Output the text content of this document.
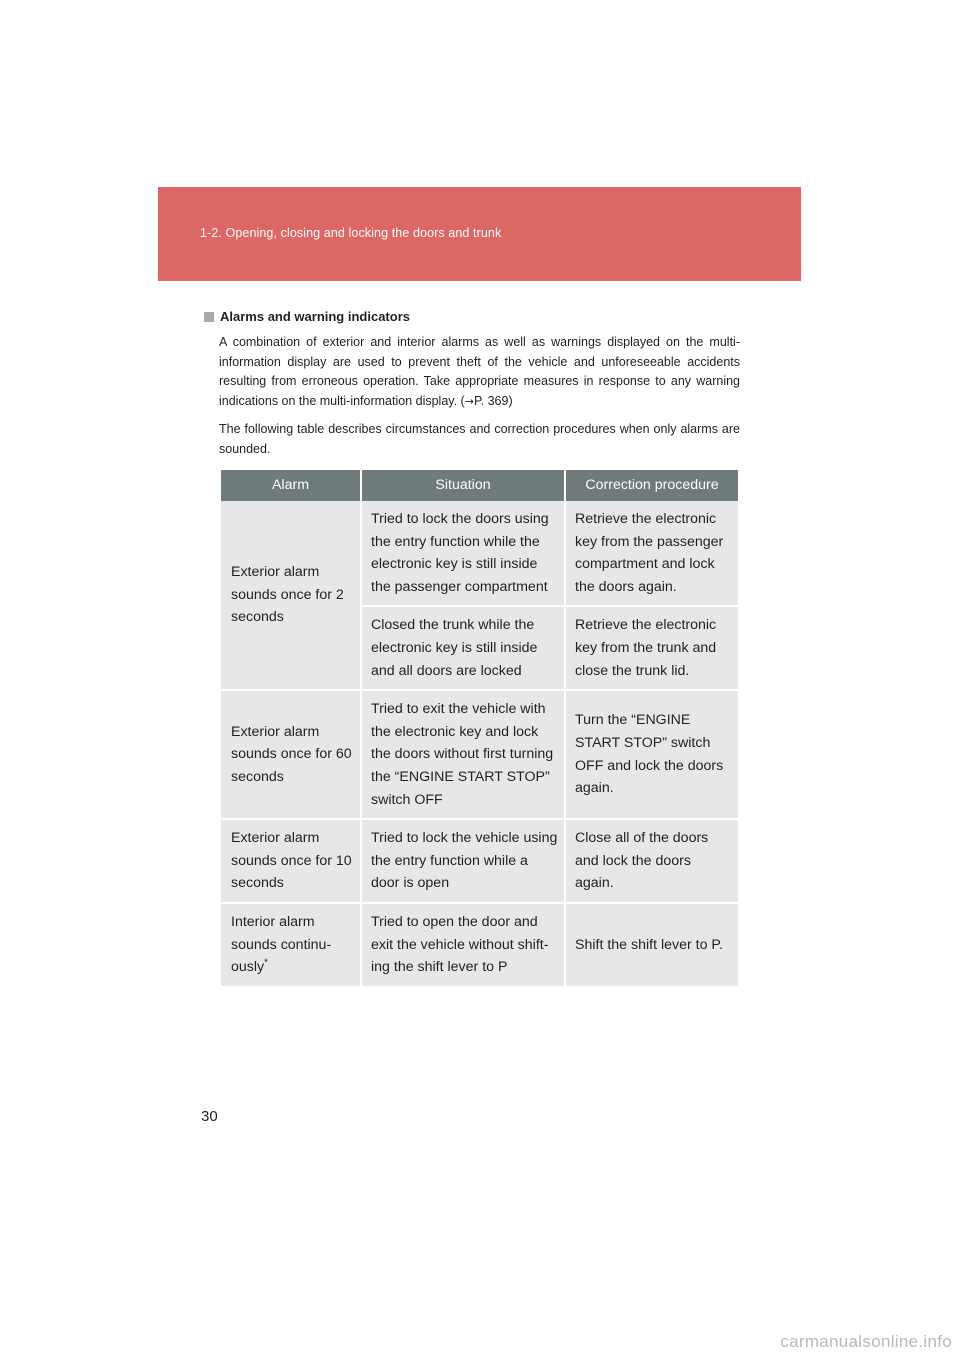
1-2. Opening, closing and locking the doors and trunk
Alarms and warning indicators

A combination of exterior and interior alarms as well as warnings displayed on the multi-information display are used to prevent theft of the vehicle and unforeseeable accidents resulting from erroneous operation. Take appropriate measures in response to any warning indications on the multi-information display. (→P. 369)

The following table describes circumstances and correction procedures when only alarms are sounded.

Alarm	Situation	Correction procedure
Exterior alarm sounds once for 2 seconds	Tried to lock the doors using the entry function while the electronic key is still inside the passenger compartment	Retrieve the electronic key from the passenger compartment and lock the doors again.
	Closed the trunk while the electronic key is still inside and all doors are locked	Retrieve the electronic key from the trunk and close the trunk lid.
Exterior alarm sounds once for 60 seconds	Tried to exit the vehicle with the electronic key and lock the doors without first turning the “ENGINE START STOP” switch OFF	Turn the “ENGINE START STOP” switch OFF and lock the doors again.
Exterior alarm sounds once for 10 seconds	Tried to lock the vehicle using the entry function while a door is open	Close all of the doors and lock the doors again.
Interior alarm sounds continu- ously*	Tried to open the door and exit the vehicle without shift- ing the shift lever to P	Shift the shift lever to P.
30
carmanualsonline.info
